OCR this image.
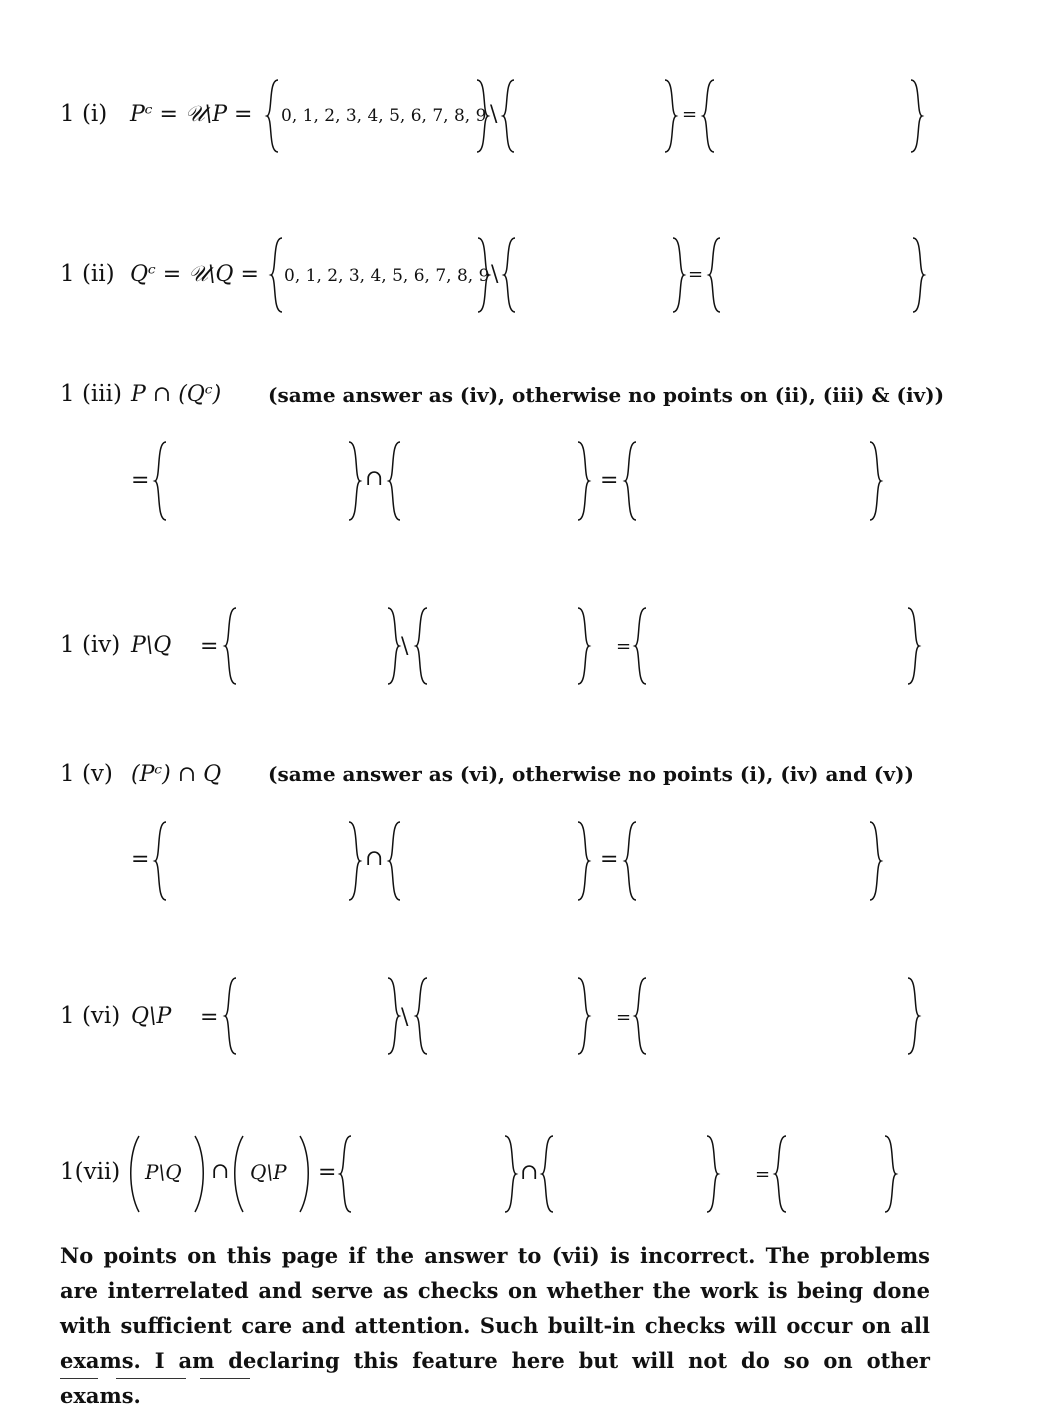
1 (i) Pᶜ = 𝒰\P = 0, 1, 2, 3, 4, 5, 6, 7, 8, 9 \	=
1 (ii) Qᶜ = 𝒰\Q = 0, 1, 2, 3, 4, 5, 6, 7, 8, 9 \	=
1 (iii) P ∩ (Qᶜ) (same answer as (iv), otherwise no points on (ii), (iii) & (iv))
=	∩	=
1 (iv) P\Q =	\	=
1 (v) (Pᶜ) ∩ Q (same answer as (vi), otherwise no points (i), (iv) and (v))
=	∩	=
1 (vi) Q\P =	\	=
1(vii) P\Q ∩ Q\P =	∩	=

No points on this page if the answer to (vii) is incorrect. The problems are interrelated and serve as checks on whether the work is being done with sufficient care and attention. Such built-in checks will occur on all exams. I am declaring this feature here but will not do so on other exams.
